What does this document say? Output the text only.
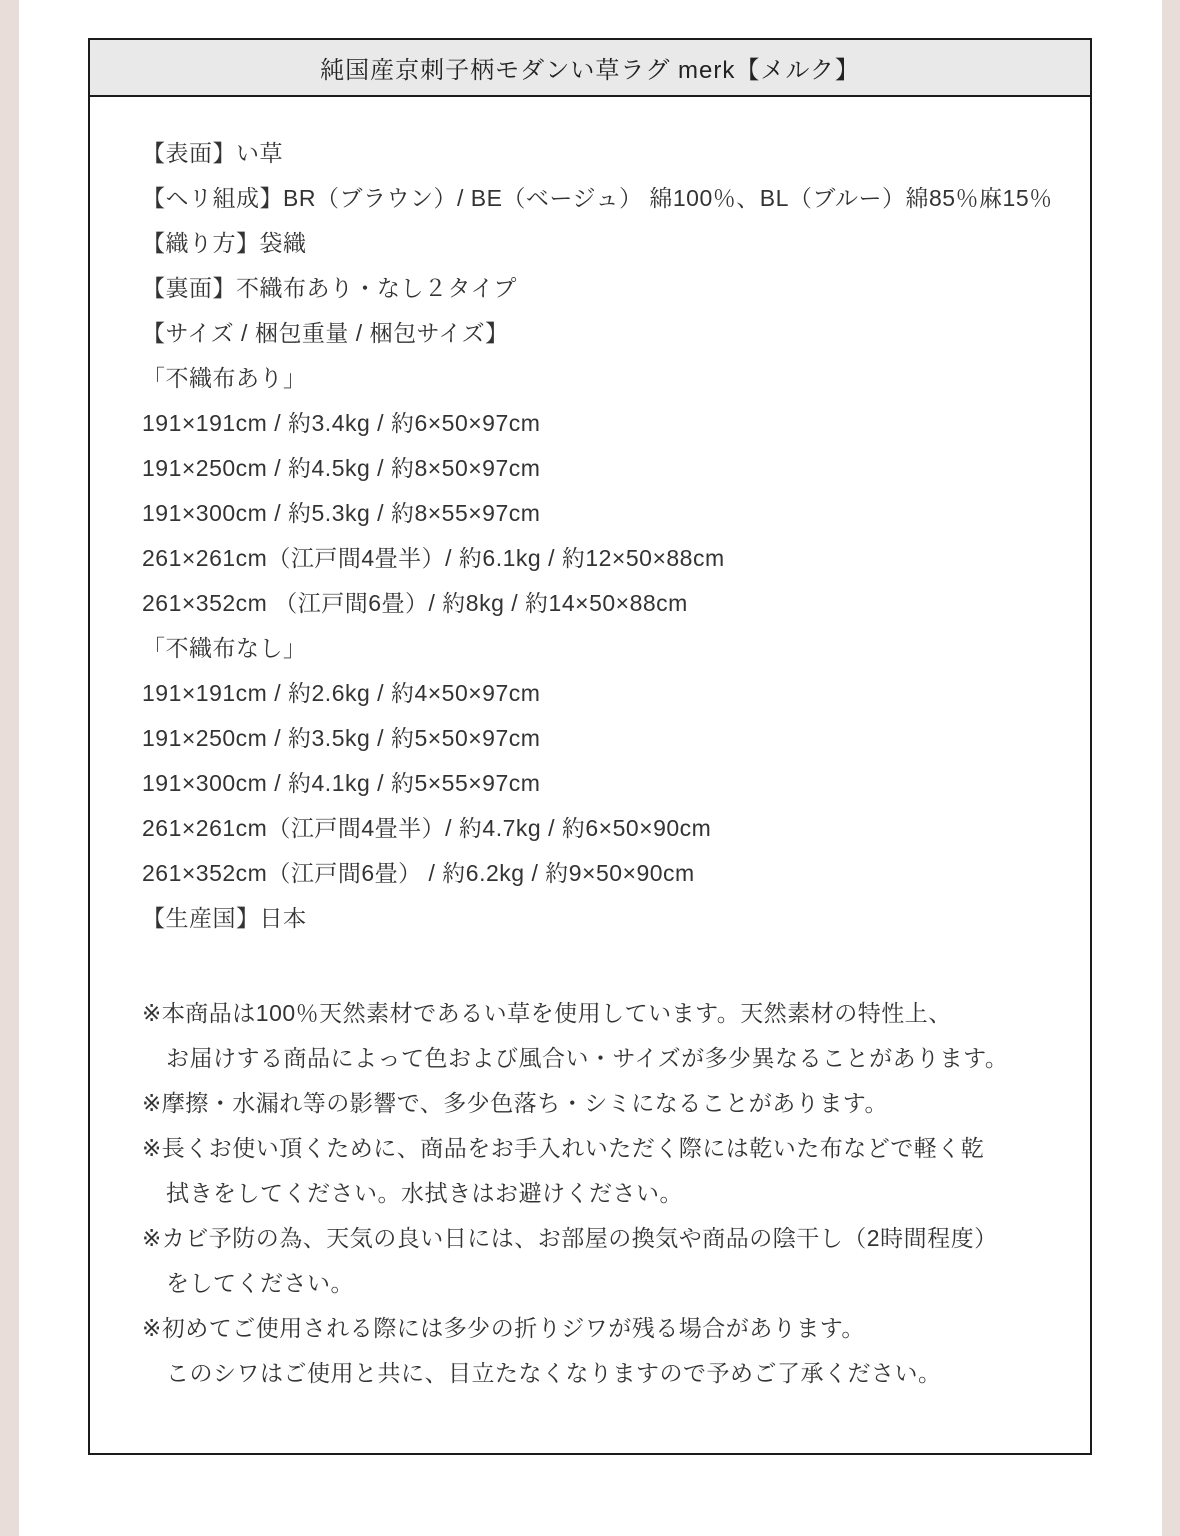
純国産京刺子柄モダンい草ラグ merk【メルク】
【表面】い草
【ヘリ組成】BR（ブラウン）/ BE（ベージュ） 綿100％、BL（ブルー）綿85％麻15％
【織り方】袋織
【裏面】不織布あり・なし２タイプ
【サイズ / 梱包重量 / 梱包サイズ】
「不織布あり」
191×191cm / 約3.4kg / 約6×50×97cm
191×250cm / 約4.5kg / 約8×50×97cm
191×300cm / 約5.3kg / 約8×55×97cm
261×261cm（江戸間4畳半）/ 約6.1kg / 約12×50×88cm
261×352cm （江戸間6畳）/ 約8kg / 約14×50×88cm
「不織布なし」
191×191cm / 約2.6kg / 約4×50×97cm
191×250cm / 約3.5kg / 約5×50×97cm
191×300cm / 約4.1kg / 約5×55×97cm
261×261cm（江戸間4畳半）/ 約4.7kg / 約6×50×90cm
261×352cm（江戸間6畳） / 約6.2kg / 約9×50×90cm
【生産国】日本
※本商品は100％天然素材であるい草を使用しています。天然素材の特性上、
お届けする商品によって色および風合い・サイズが多少異なることがあります。
※摩擦・水漏れ等の影響で、多少色落ち・シミになることがあります。
※長くお使い頂くために、商品をお手入れいただく際には乾いた布などで軽く乾
拭きをしてください。水拭きはお避けください。
※カビ予防の為、天気の良い日には、お部屋の換気や商品の陰干し（2時間程度）
をしてください。
※初めてご使用される際には多少の折りジワが残る場合があります。
このシワはご使用と共に、目立たなくなりますので予めご了承ください。
